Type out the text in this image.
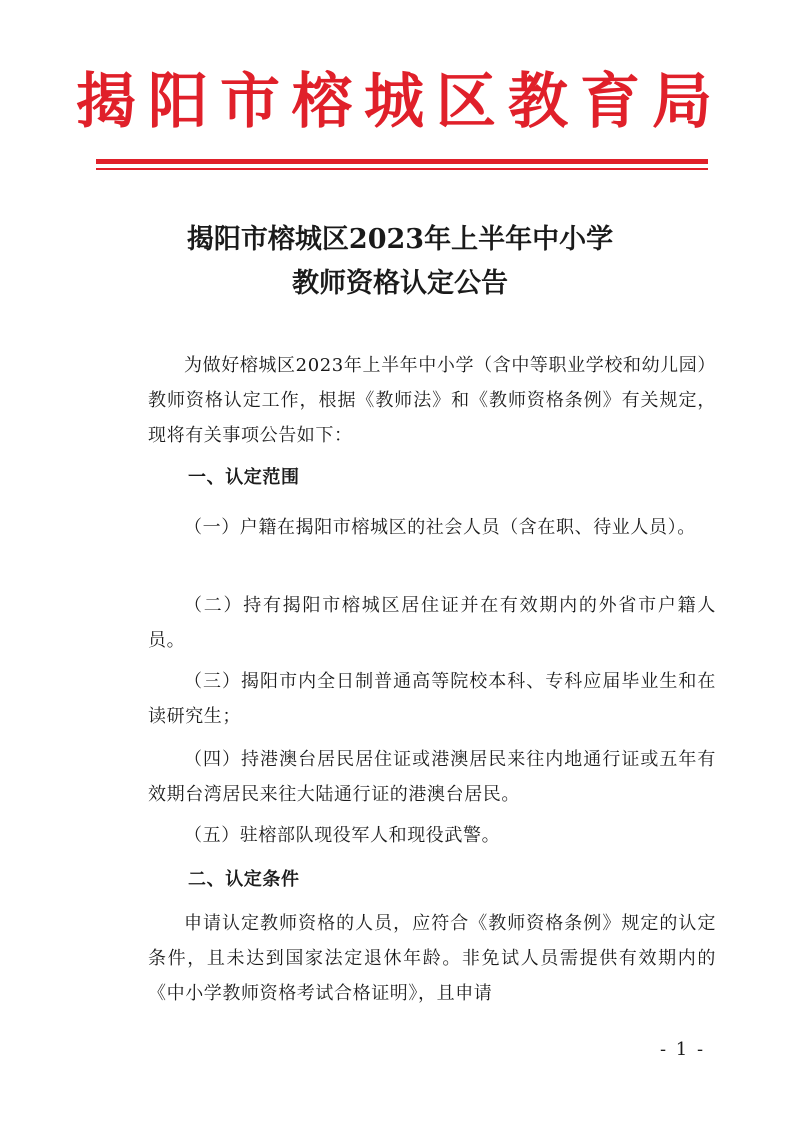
揭阳市榕城区教育局
揭阳市榕城区2023年上半年中小学
教师资格认定公告

为做好榕城区2023年上半年中小学（含中等职业学校和幼儿园）教师资格认定工作，根据《教师法》和《教师资格条例》有关规定，现将有关事项公告如下：

一、认定范围

（一）户籍在揭阳市榕城区的社会人员（含在职、待业人员）。

（二）持有揭阳市榕城区居住证并在有效期内的外省市户籍人员。

（三）揭阳市内全日制普通高等院校本科、专科应届毕业生和在读研究生；

（四）持港澳台居民居住证或港澳居民来往内地通行证或五年有效期台湾居民来往大陆通行证的港澳台居民。

（五）驻榕部队现役军人和现役武警。

二、认定条件

申请认定教师资格的人员，应符合《教师资格条例》规定的认定条件，且未达到国家法定退休年龄。非免试人员需提供有效期内的《中小学教师资格考试合格证明》，且申请

- 1 -
